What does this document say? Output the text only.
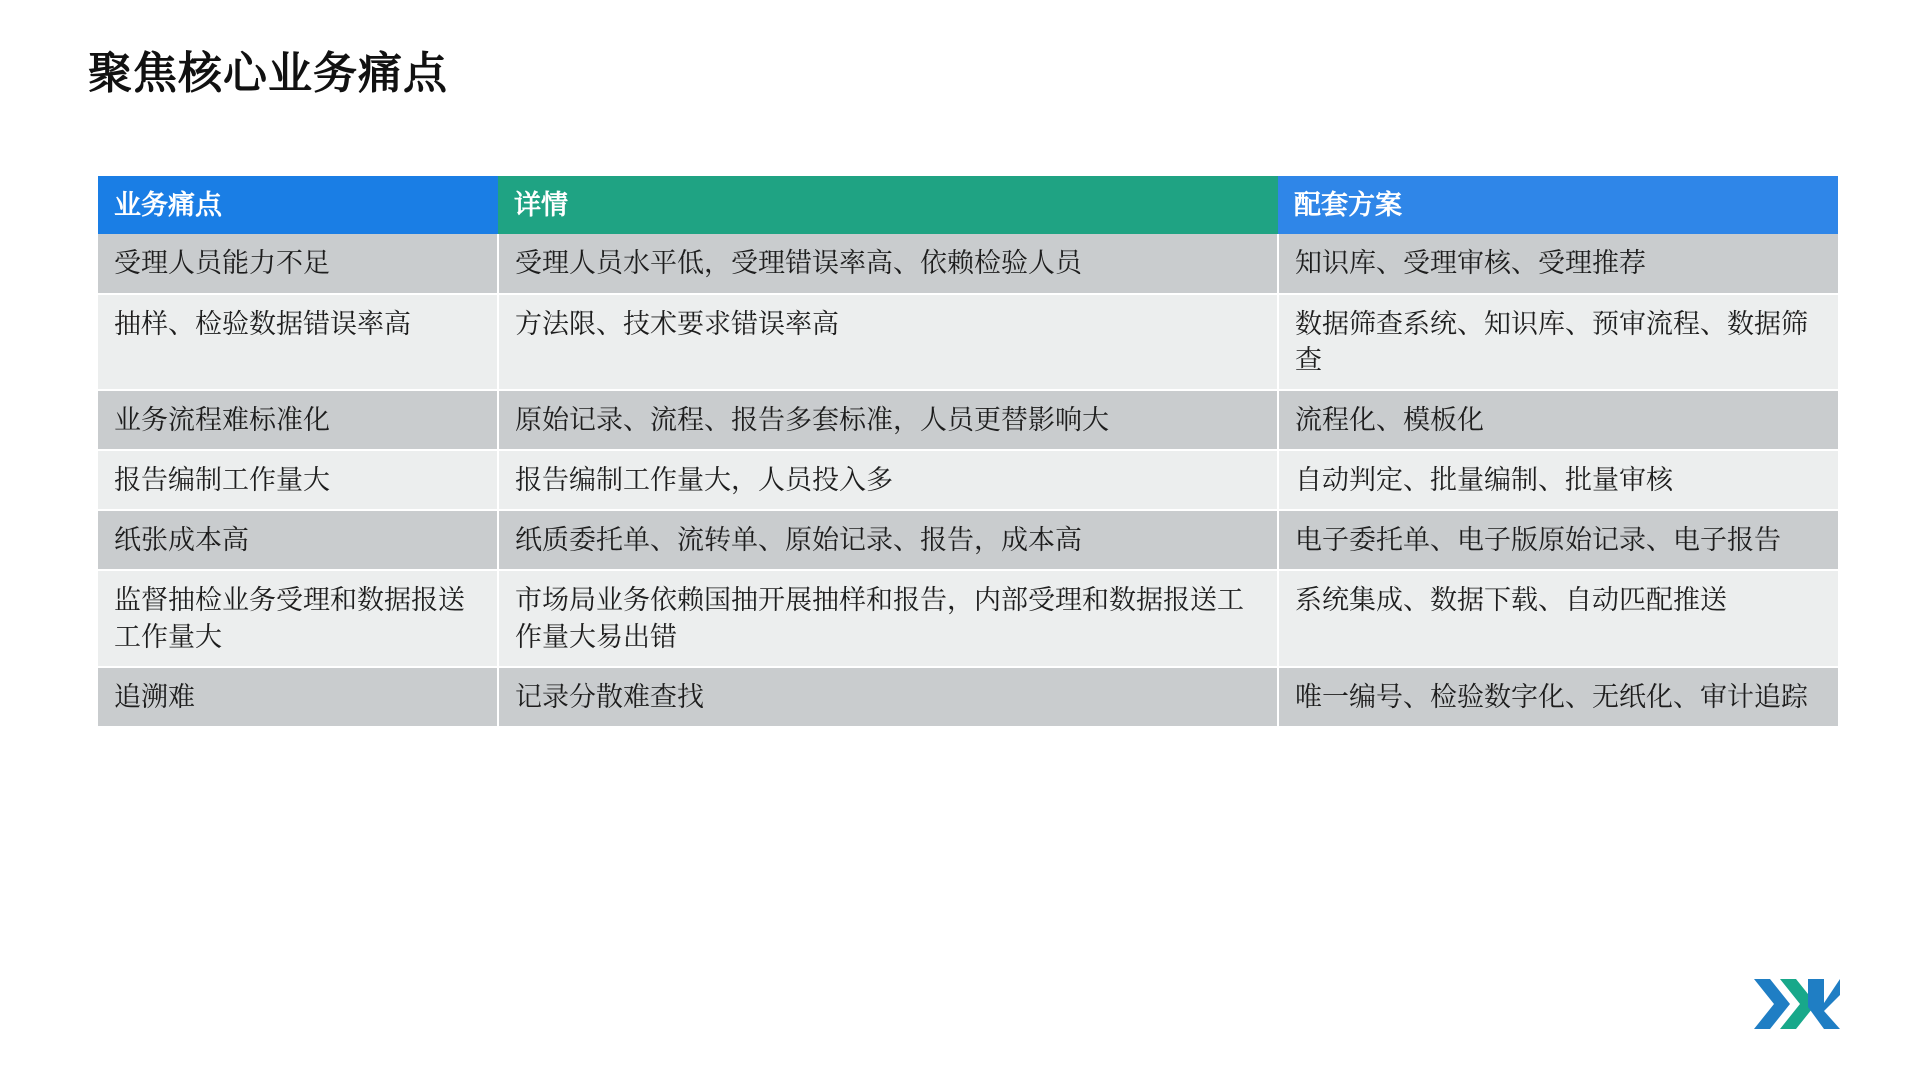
聚焦核心业务痛点
业务痛点	详情	配套方案
受理人员能力不足	受理人员水平低，受理错误率高、依赖检验人员	知识库、受理审核、受理推荐
抽样、检验数据错误率高	方法限、技术要求错误率高	数据筛查系统、知识库、预审流程、数据筛查
业务流程难标准化	原始记录、流程、报告多套标准，人员更替影响大	流程化、模板化
报告编制工作量大	报告编制工作量大，人员投入多	自动判定、批量编制、批量审核
纸张成本高	纸质委托单、流转单、原始记录、报告，成本高	电子委托单、电子版原始记录、电子报告
监督抽检业务受理和数据报送工作量大	市场局业务依赖国抽开展抽样和报告，内部受理和数据报送工作量大易出错	系统集成、数据下载、自动匹配推送
追溯难	记录分散难查找	唯一编号、检验数字化、无纸化、审计追踪
